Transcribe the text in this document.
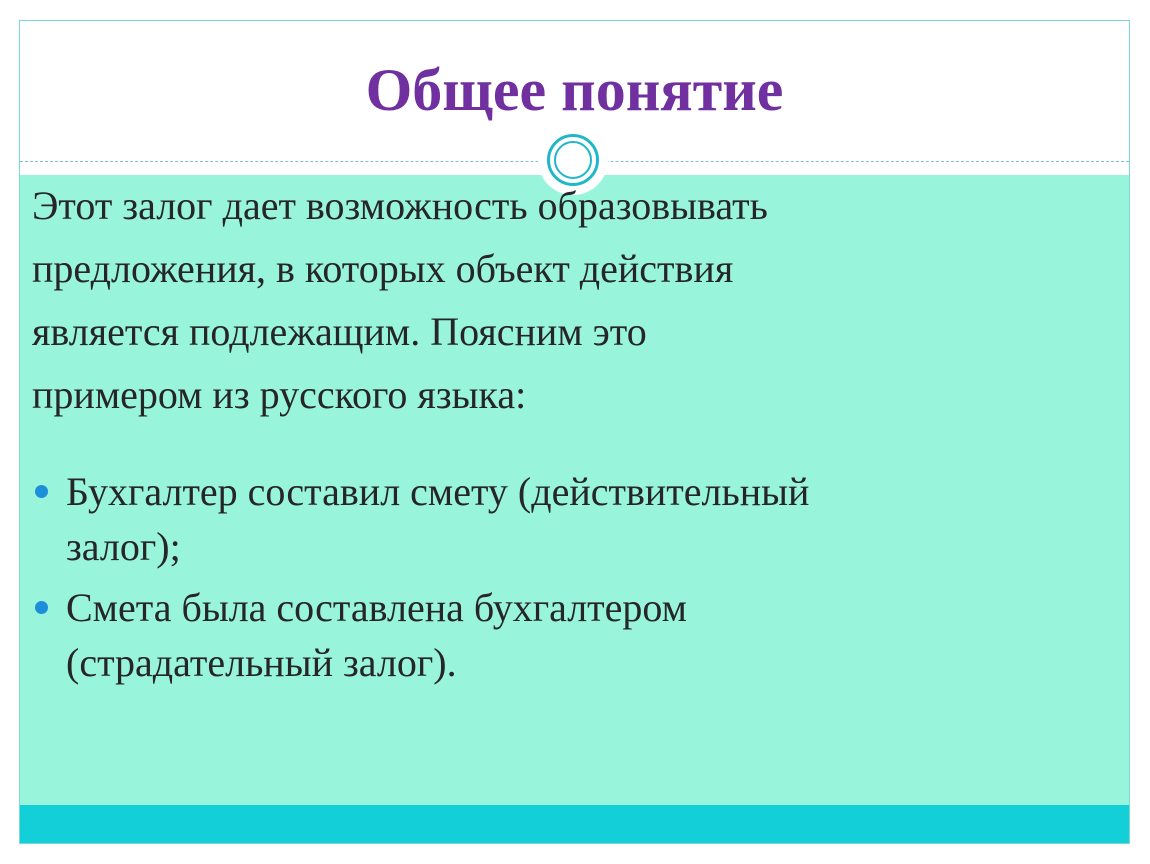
Общее понятие

Этот залог дает возможность образовывать

предложения, в которых объект действия

является подлежащим. Поясним это

примером из русского языка:

Бухгалтер составил смету (действительный
залог);
Смета была составлена бухгалтером
(страдательный залог).
